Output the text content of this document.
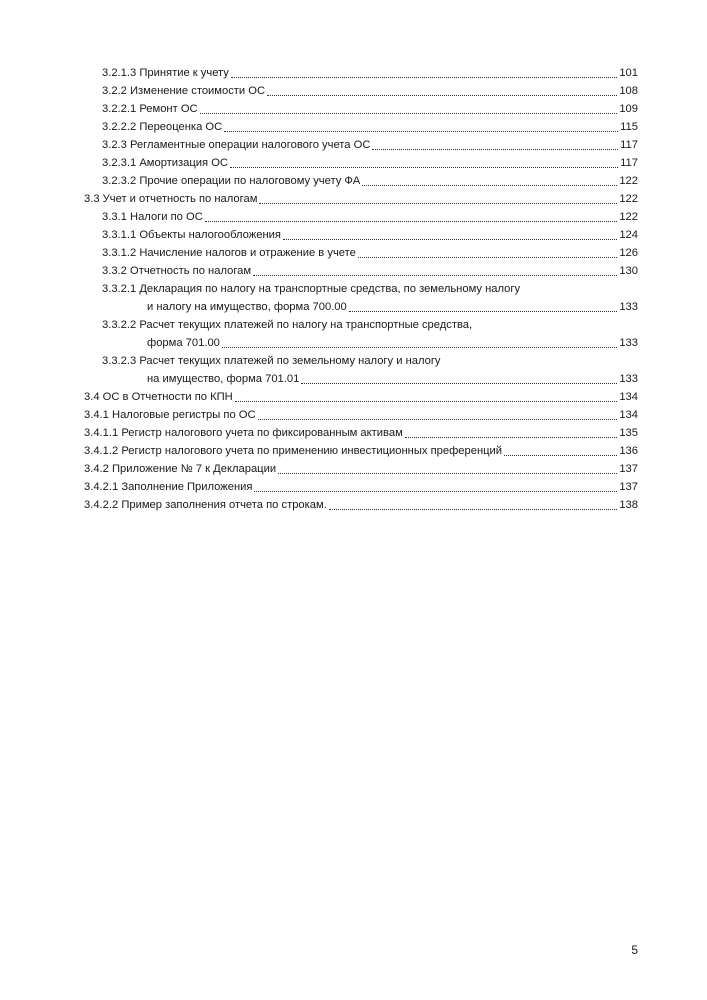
3.2.1.3 Принятие к учету	101
3.2.2 Изменение стоимости ОС	108
3.2.2.1 Ремонт ОС	109
3.2.2.2 Переоценка ОС	115
3.2.3 Регламентные операции налогового учета ОС	117
3.2.3.1 Амортизация ОС	117
3.2.3.2 Прочие операции по налоговому учету ФА	122
3.3 Учет и отчетность по налогам	122
3.3.1 Налоги по ОС	122
3.3.1.1 Объекты налогообложения	124
3.3.1.2 Начисление налогов и отражение в учете	126
3.3.2 Отчетность по налогам	130
3.3.2.1 Декларация по налогу на транспортные средства, по земельному налогу
и налогу на имущество, форма 700.00	133
3.3.2.2 Расчет текущих платежей по налогу на транспортные средства,
форма 701.00	133
3.3.2.3 Расчет текущих платежей по земельному налогу и налогу
на имущество, форма 701.01	133
3.4 ОС в Отчетности по КПН	134
3.4.1 Налоговые регистры по ОС	134
3.4.1.1 Регистр налогового учета по фиксированным активам	135
3.4.1.2 Регистр налогового учета по применению инвестиционных преференций	136
3.4.2 Приложение № 7 к Декларации	137
3.4.2.1 Заполнение Приложения	137
3.4.2.2 Пример заполнения отчета по строкам.	138
5
